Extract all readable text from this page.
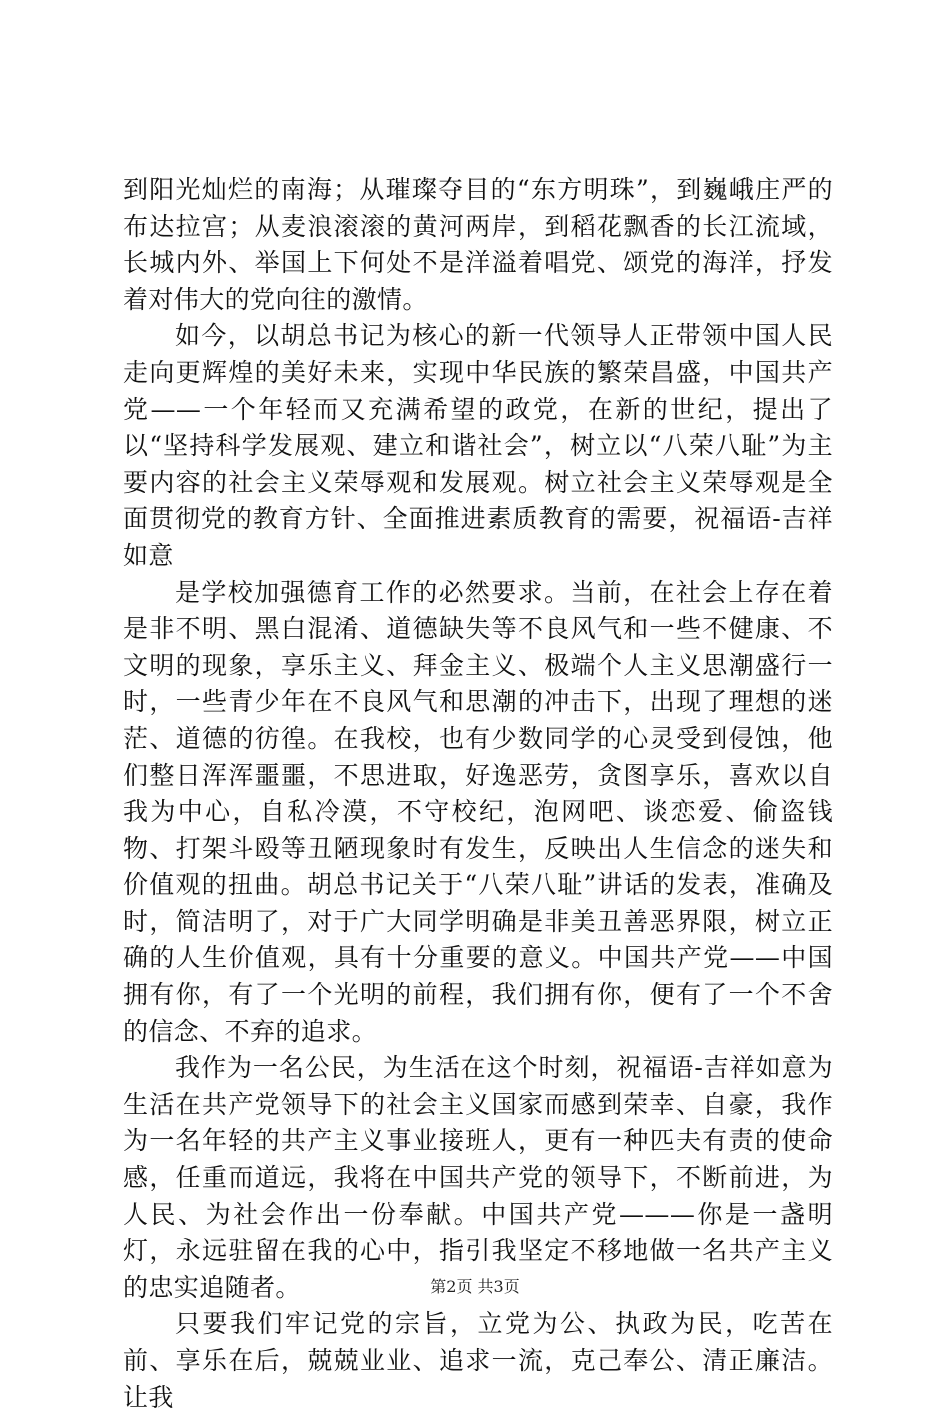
到阳光灿烂的南海；从璀璨夺目的“东方明珠”，到巍峨庄严的布达拉宫；从麦浪滚滚的黄河两岸，到稻花飘香的长江流域，长城内外、举国上下何处不是洋溢着唱党、颂党的海洋，抒发着对伟大的党向往的激情。

如今，以胡总书记为核心的新一代领导人正带领中国人民走向更辉煌的美好未来，实现中华民族的繁荣昌盛，中国共产党——一个年轻而又充满希望的政党，在新的世纪，提出了以“坚持科学发展观、建立和谐社会”，树立以“八荣八耻”为主要内容的社会主义荣辱观和发展观。树立社会主义荣辱观是全面贯彻党的教育方针、全面推进素质教育的需要，祝福语-吉祥如意

是学校加强德育工作的必然要求。当前，在社会上存在着是非不明、黑白混淆、道德缺失等不良风气和一些不健康、不文明的现象，享乐主义、拜金主义、极端个人主义思潮盛行一时，一些青少年在不良风气和思潮的冲击下，出现了理想的迷茫、道德的彷徨。在我校，也有少数同学的心灵受到侵蚀，他们整日浑浑噩噩，不思进取，好逸恶劳，贪图享乐，喜欢以自我为中心，自私冷漠，不守校纪，泡网吧、谈恋爱、偷盗钱物、打架斗殴等丑陋现象时有发生，反映出人生信念的迷失和价值观的扭曲。胡总书记关于“八荣八耻”讲话的发表，准确及时，简洁明了，对于广大同学明确是非美丑善恶界限，树立正确的人生价值观，具有十分重要的意义。中国共产党——中国拥有你，有了一个光明的前程，我们拥有你，便有了一个不舍的信念、不弃的追求。

我作为一名公民，为生活在这个时刻，祝福语-吉祥如意为生活在共产党领导下的社会主义国家而感到荣幸、自豪，我作为一名年轻的共产主义事业接班人，更有一种匹夫有责的使命感，任重而道远，我将在中国共产党的领导下，不断前进，为人民、为社会作出一份奉献。中国共产党———你是一盏明灯，永远驻留在我的心中，指引我坚定不移地做一名共产主义的忠实追随者。

只要我们牢记党的宗旨，立党为公、执政为民，吃苦在前、享乐在后，兢兢业业、追求一流，克己奉公、清正廉洁。让我

第2页 共3页
